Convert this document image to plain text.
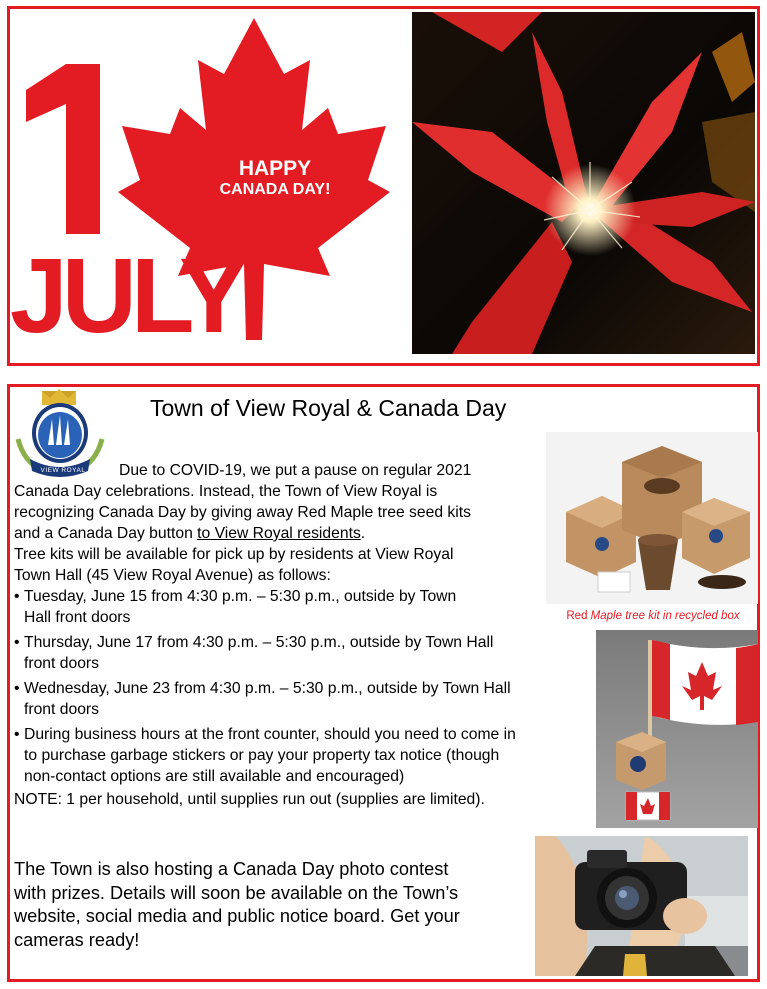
HAPPY
CANADA DAY!
JULY
VIEW ROYAL
Town of View Royal & Canada Day
Due to COVID-19, we put a pause on regular 2021
Canada Day celebrations. Instead, the Town of View Royal is
recognizing Canada Day by giving away Red Maple tree seed kits
and a Canada Day button to View Royal residents.
Tree kits will be available for pick up by residents at View Royal
Town Hall (45 View Royal Avenue) as follows:
• Tuesday, June 15 from 4:30 p.m. – 5:30 p.m., outside by Town
Hall front doors
• Thursday, June 17 from 4:30 p.m. – 5:30 p.m., outside by Town Hall
front doors
• Wednesday, June 23 from 4:30 p.m. – 5:30 p.m., outside by Town Hall
front doors
• During business hours at the front counter, should you need to come in
to purchase garbage stickers or pay your property tax notice (though
non-contact options are still available and encouraged)
NOTE: 1 per household, until supplies run out (supplies are limited).
The Town is also hosting a Canada Day photo contest
with prizes. Details will soon be available on the Town’s
website, social media and public notice board. Get your
cameras ready!
Red Maple tree kit in recycled box
